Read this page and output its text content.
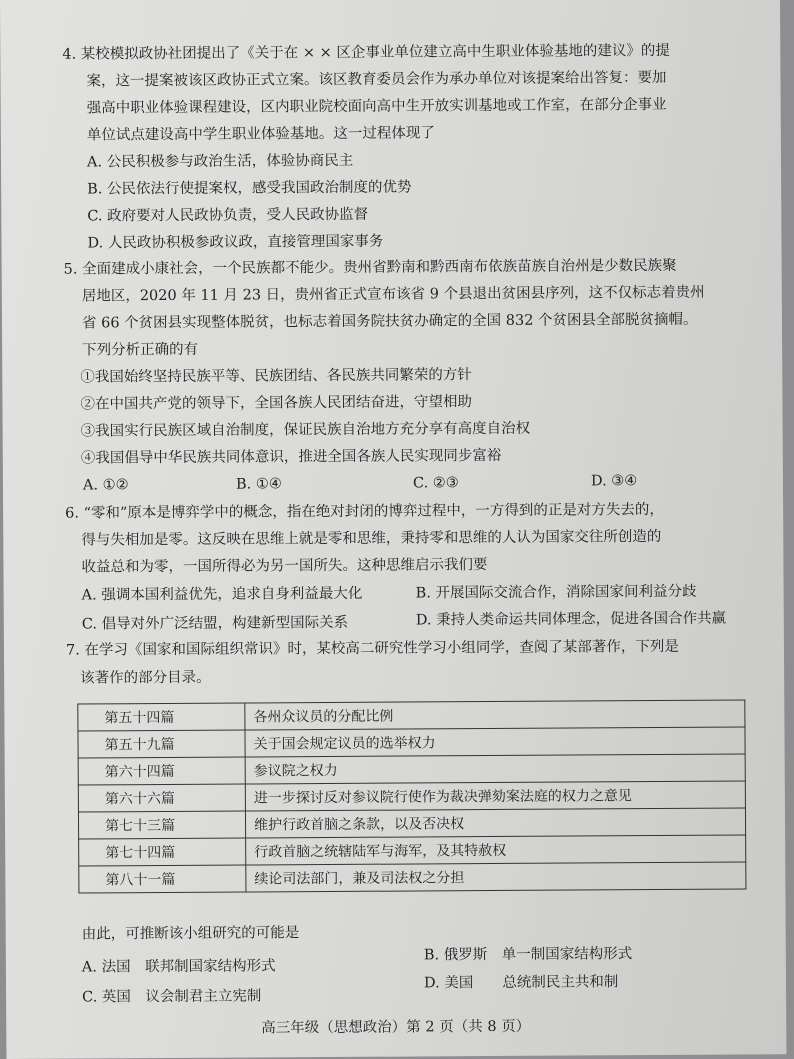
4. 某校模拟政协社团提出了《关于在 × × 区企事业单位建立高中生职业体验基地的建议》的提
案，这一提案被该区政协正式立案。该区教育委员会作为承办单位对该提案给出答复：要加
强高中职业体验课程建设，区内职业院校面向高中生开放实训基地或工作室，在部分企事业
单位试点建设高中学生职业体验基地。这一过程体现了
A. 公民积极参与政治生活，体验协商民主
B. 公民依法行使提案权，感受我国政治制度的优势
C. 政府要对人民政协负责，受人民政协监督
D. 人民政协积极参政议政，直接管理国家事务
5. 全面建成小康社会，一个民族都不能少。贵州省黔南和黔西南布依族苗族自治州是少数民族聚
居地区，2020 年 11 月 23 日，贵州省正式宣布该省 9 个县退出贫困县序列，这不仅标志着贵州
省 66 个贫困县实现整体脱贫，也标志着国务院扶贫办确定的全国 832 个贫困县全部脱贫摘帽。
下列分析正确的有
①我国始终坚持民族平等、民族团结、各民族共同繁荣的方针
②在中国共产党的领导下，全国各族人民团结奋进，守望相助
③我国实行民族区域自治制度，保证民族自治地方充分享有高度自治权
④我国倡导中华民族共同体意识，推进全国各族人民实现同步富裕
A. ①②	B. ①④	C. ②③	D. ③④
6. “零和”原本是博弈学中的概念，指在绝对封闭的博弈过程中，一方得到的正是对方失去的，
得与失相加是零。这反映在思维上就是零和思维，秉持零和思维的人认为国家交往所创造的
收益总和为零，一国所得必为另一国所失。这种思维启示我们要
A. 强调本国利益优先，追求自身利益最大化	B. 开展国际交流合作，消除国家间利益分歧
C. 倡导对外广泛结盟，构建新型国际关系	D. 秉持人类命运共同体理念，促进各国合作共赢
7. 在学习《国家和国际组织常识》时，某校高二研究性学习小组同学，查阅了某部著作，下列是
该著作的部分目录。
第五十四篇	各州众议员的分配比例
第五十九篇	关于国会规定议员的选举权力
第六十四篇	参议院之权力
第六十六篇	进一步探讨反对参议院行使作为裁决弹劾案法庭的权力之意见
第七十三篇	维护行政首脑之条款，以及否决权
第七十四篇	行政首脑之统辖陆军与海军，及其特赦权
第八十一篇	续论司法部门，兼及司法权之分担
由此，可推断该小组研究的可能是
A. 法国　联邦制国家结构形式
B. 俄罗斯　单一制国家结构形式
C. 英国　议会制君主立宪制
D. 美国　　总统制民主共和制
高三年级（思想政治）第 2 页（共 8 页）
